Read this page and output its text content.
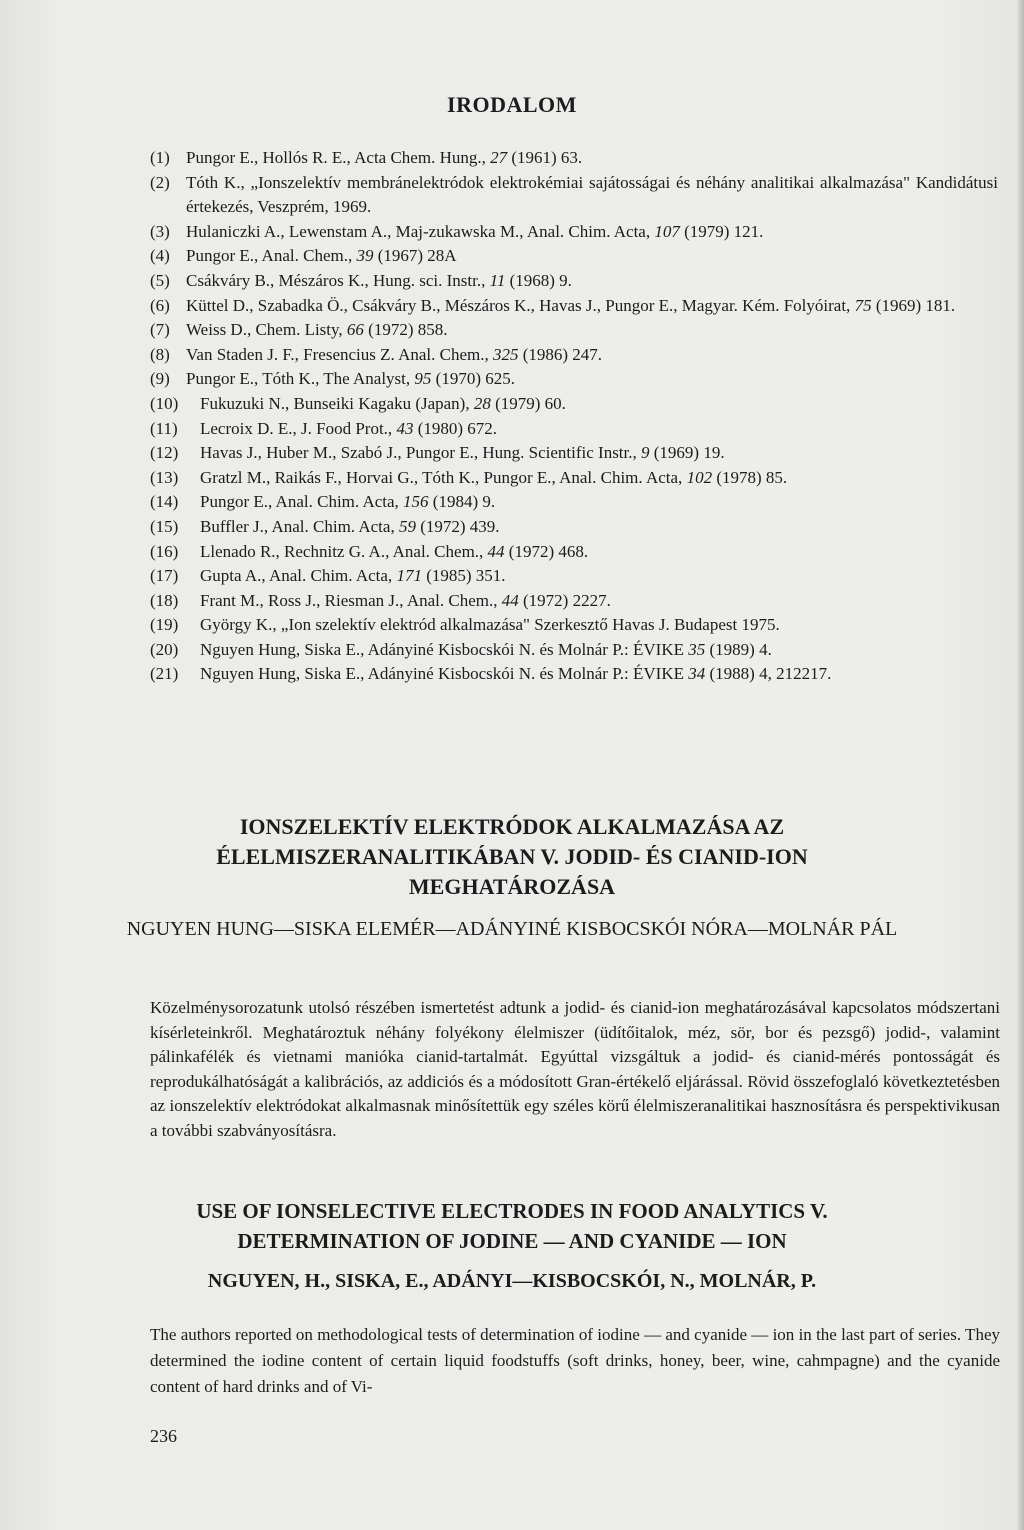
IRODALOM
(1) Pungor E., Hollós R. E., Acta Chem. Hung., 27 (1961) 63.
(2) Tóth K., „Ionszelektív membránelektródok elektrokémiai sajátosságai és néhány analitikai alkalmazása" Kandidátusi értekezés, Veszprém, 1969.
(3) Hulaniczki A., Lewenstam A., Maj-zukawska M., Anal. Chim. Acta, 107 (1979) 121.
(4) Pungor E., Anal. Chem., 39 (1967) 28A
(5) Csákváry B., Mészáros K., Hung. sci. Instr., 11 (1968) 9.
(6) Küttel D., Szabadka Ö., Csákváry B., Mészáros K., Havas J., Pungor E., Magyar. Kém. Folyóirat, 75 (1969) 181.
(7) Weiss D., Chem. Listy, 66 (1972) 858.
(8) Van Staden J. F., Fresencius Z. Anal. Chem., 325 (1986) 247.
(9) Pungor E., Tóth K., The Analyst, 95 (1970) 625.
(10)	Fukuzuki N., Bunseiki Kagaku (Japan), 28 (1979) 60.
(11)	Lecroix D. E., J. Food Prot., 43 (1980) 672.
(12)	Havas J., Huber M., Szabó J., Pungor E., Hung. Scientific Instr., 9 (1969) 19.
(13)	Gratzl M., Raikás F., Horvai G., Tóth K., Pungor E., Anal. Chim. Acta, 102 (1978) 85.
(14)	Pungor E., Anal. Chim. Acta, 156 (1984) 9.
(15)	Buffler J., Anal. Chim. Acta, 59 (1972) 439.
(16)	Llenado R., Rechnitz G. A., Anal. Chem., 44 (1972) 468.
(17)	Gupta A., Anal. Chim. Acta, 171 (1985) 351.
(18)	Frant M., Ross J., Riesman J., Anal. Chem., 44 (1972) 2227.
(19)	György K., „Ion szelektív elektród alkalmazása" Szerkesztő Havas J. Budapest 1975.
(20)	Nguyen Hung, Siska E., Adányiné Kisbocskói N. és Molnár P.: ÉVIKE 35 (1989) 4.
(21)	Nguyen Hung, Siska E., Adányiné Kisbocskói N. és Molnár P.: ÉVIKE 34 (1988) 4, 212217.
IONSZELEKTÍV ELEKTRÓDOK ALKALMAZÁSA AZ ÉLELMISZERANALITIKÁBAN V. JODID- ÉS CIANID-ION MEGHATÁROZÁSA
NGUYEN HUNG—SISKA ELEMÉR—ADÁNYINÉ KISBOCSKÓI NÓRA—MOLNÁR PÁL
Közelménysorozatunk utolsó részében ismertetést adtunk a jodid- és cianid-ion meghatározásával kapcsolatos módszertani kísérleteinkről. Meghatároztuk néhány folyékony élelmiszer (üdítőitalok, méz, sör, bor és pezsgő) jodid-, valamint pálinkafélék és vietnami manióka cianid-tartalmát. Egyúttal vizsgáltuk a jodid- és cianid-mérés pontosságát és reprodukálhatóságát a kalibrációs, az addiciós és a módosított Gran-értékelő eljárással. Rövid összefoglaló következtetésben az ionszelektív elektródokat alkalmasnak minősítettük egy széles körű élelmiszeranalitikai hasznosításra és perspektivikusan a további szabványosításra.
USE OF IONSELECTIVE ELECTRODES IN FOOD ANALYTICS V. DETERMINATION OF JODINE — AND CYANIDE — ION
NGUYEN, H., SISKA, E., ADÁNYI—KISBOCSKÓI, N., MOLNÁR, P.
The authors reported on methodological tests of determination of iodine — and cyanide — ion in the last part of series. They determined the iodine content of certain liquid foodstuffs (soft drinks, honey, beer, wine, cahmpagne) and the cyanide content of hard drinks and of Vi-
236
